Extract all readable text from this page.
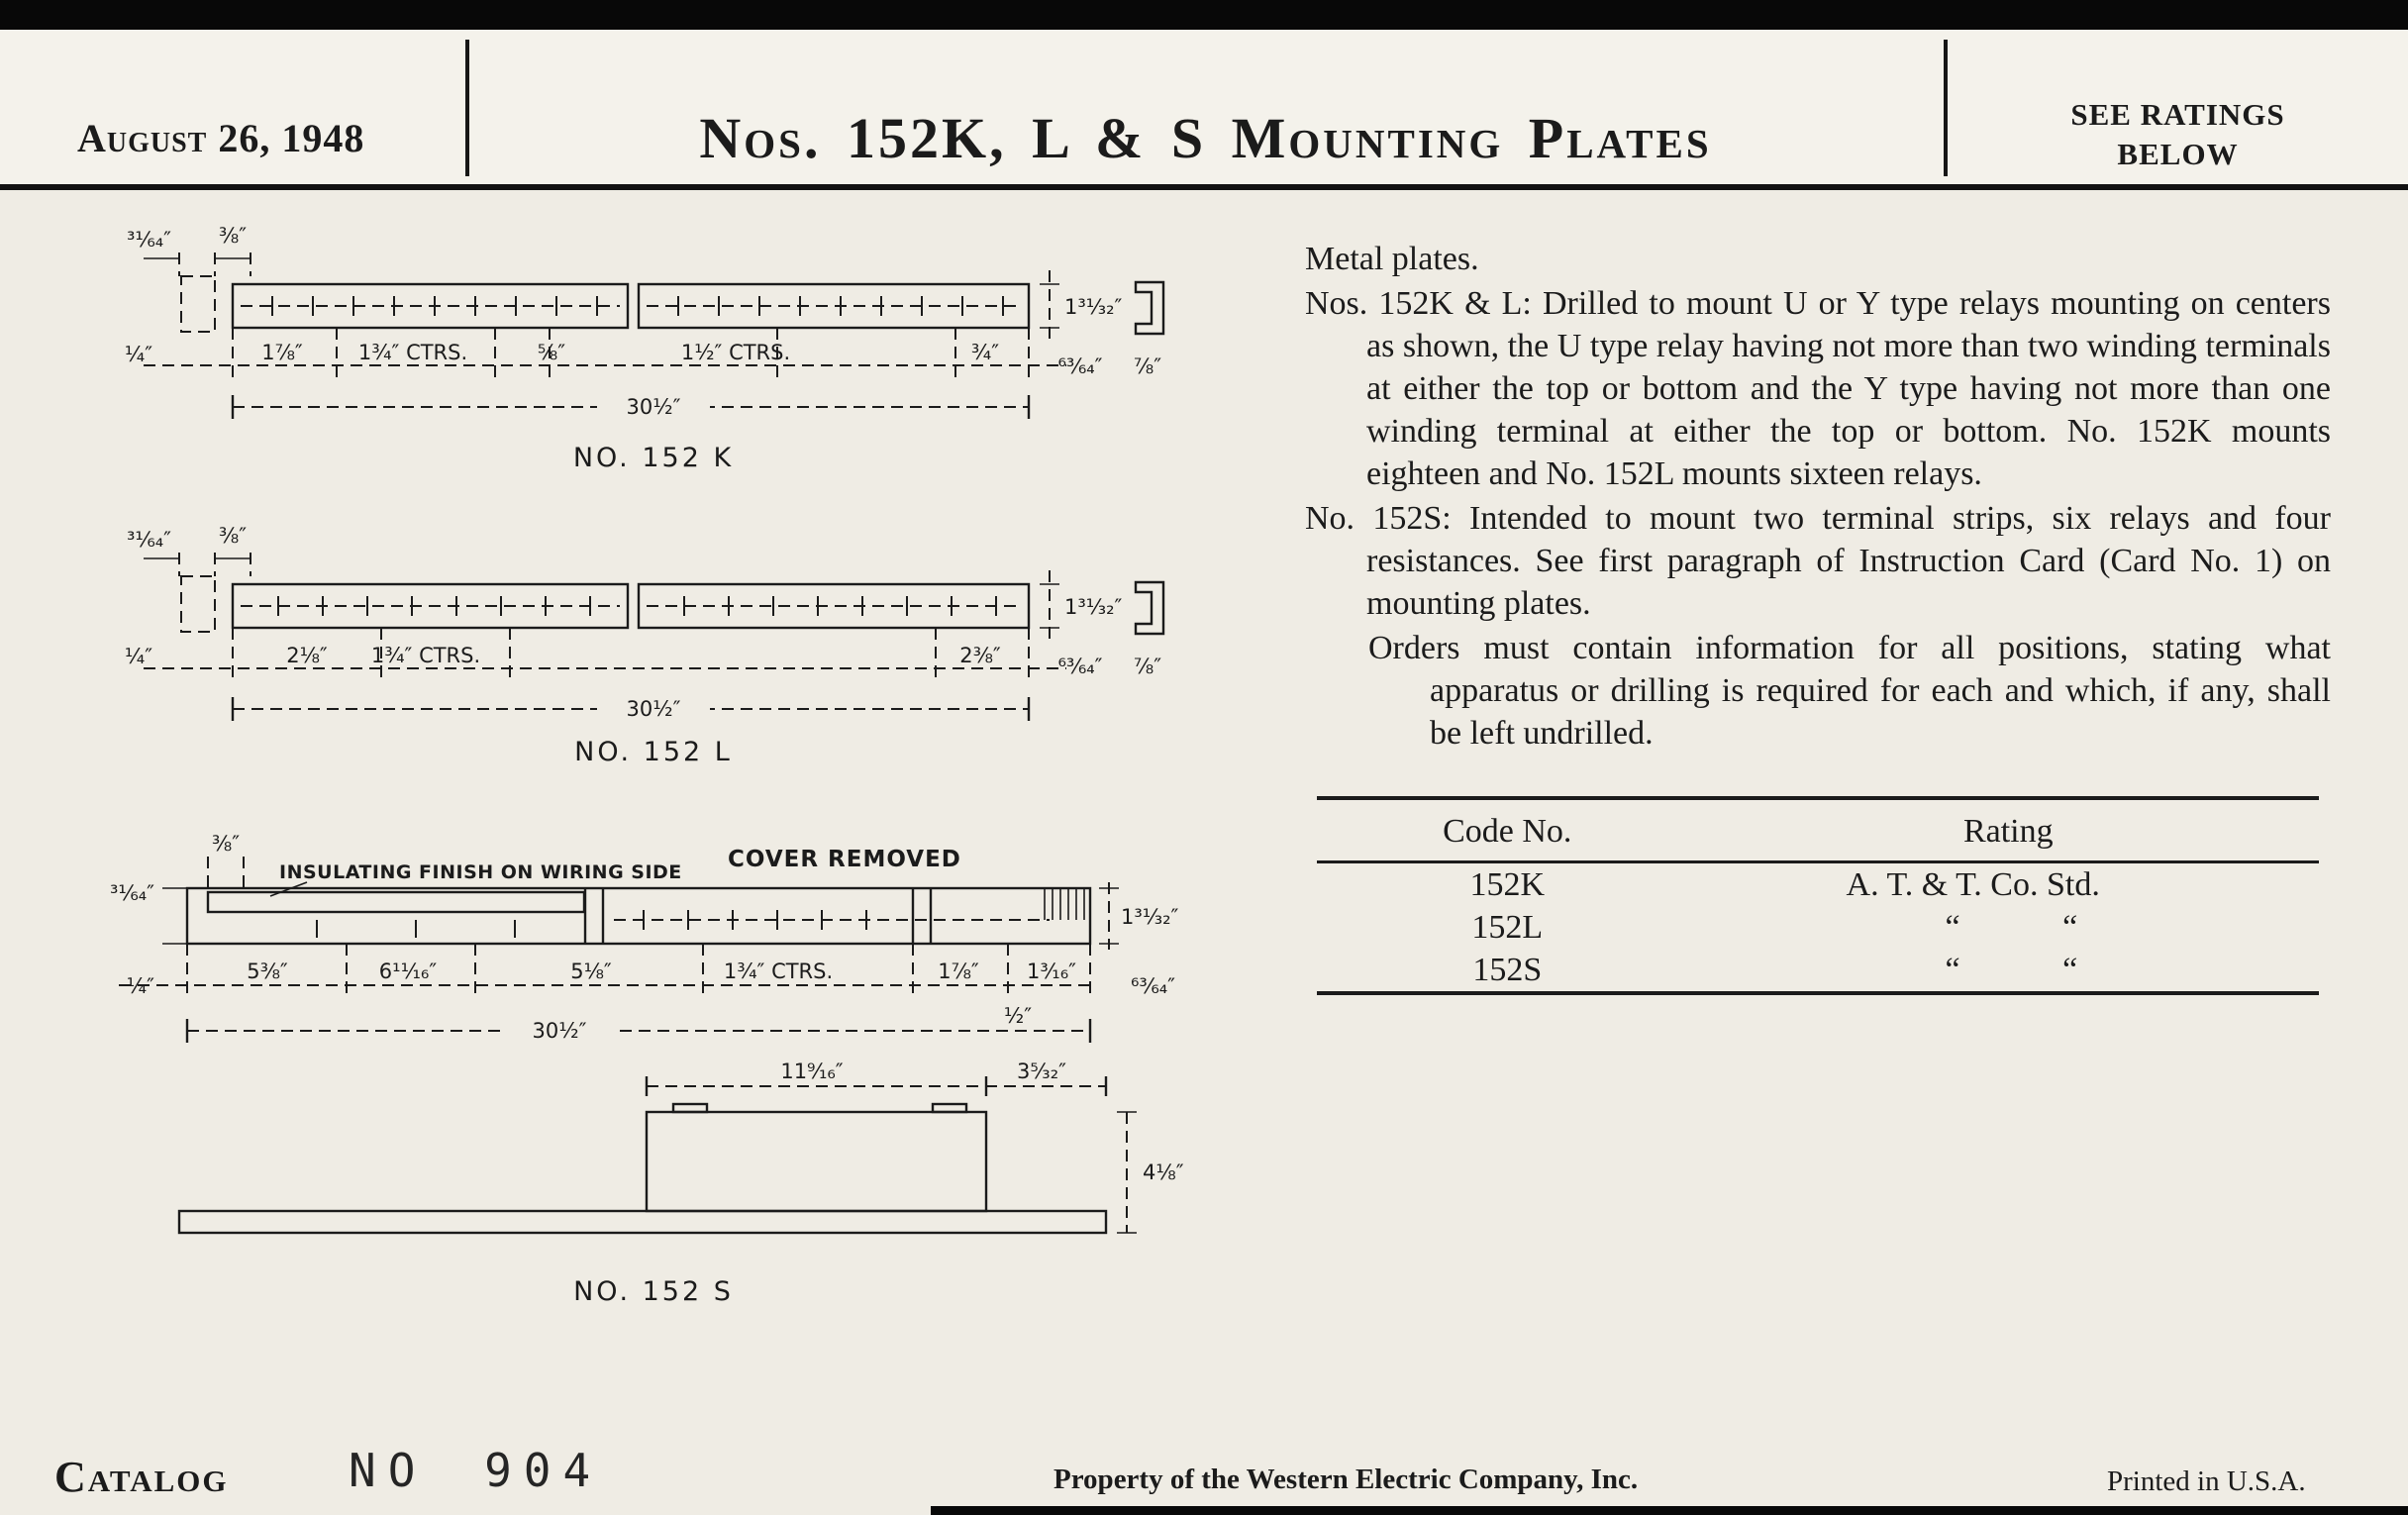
August 26, 1948	Nos. 152K, L & S Mounting Plates	SEE RATINGS
BELOW
³¹⁄₆₄″ ⅜″
¼″	1⅞″	1¾″ CTRS.	⅝″	1½″ CTRS.	¾″
30½″
1³¹⁄₃₂″
⁶³⁄₆₄″ ⅞″
NO. 152 K
³¹⁄₆₄″ ⅜″
¼″	2⅛″ 1¾″ CTRS.	2⅜″
30½″
1³¹⁄₃₂″
⁶³⁄₆₄″ ⅞″
NO. 152 L
INSULATING FINISH ON WIRING SIDE COVER REMOVED
⅜″
³¹⁄₆₄″
¼″
5⅜″	6¹¹⁄₁₆″	5⅛″	1¾″ CTRS.	1⅞″ 1³⁄₁₆″
½″
1³¹⁄₃₂″
⁶³⁄₆₄″
30½″
11⁹⁄₁₆″	3⁵⁄₃₂″
4⅛″
NO. 152 S

Metal plates.

Nos. 152K & L: Drilled to mount U or Y type relays mounting on centers as shown, the U type relay having not more than two winding terminals at either the top or bottom and the Y type having not more than one winding terminal at either the top or bottom. No. 152K mounts eighteen and No. 152L mounts sixteen relays.

No. 152S: Intended to mount two terminal strips, six relays and four resistances. See first paragraph of Instruction Card (Card No. 1) on mounting plates.

Orders must contain information for all positions, stating what apparatus or drilling is required for each and which, if any, shall be left undrilled.

Code No.	Rating
152K	A. T. & T. Co. Std.
152L	“ “
152S	“ “
Catalog	NO 904	Property of the Western Electric Company, Inc.	Printed in U.S.A.
